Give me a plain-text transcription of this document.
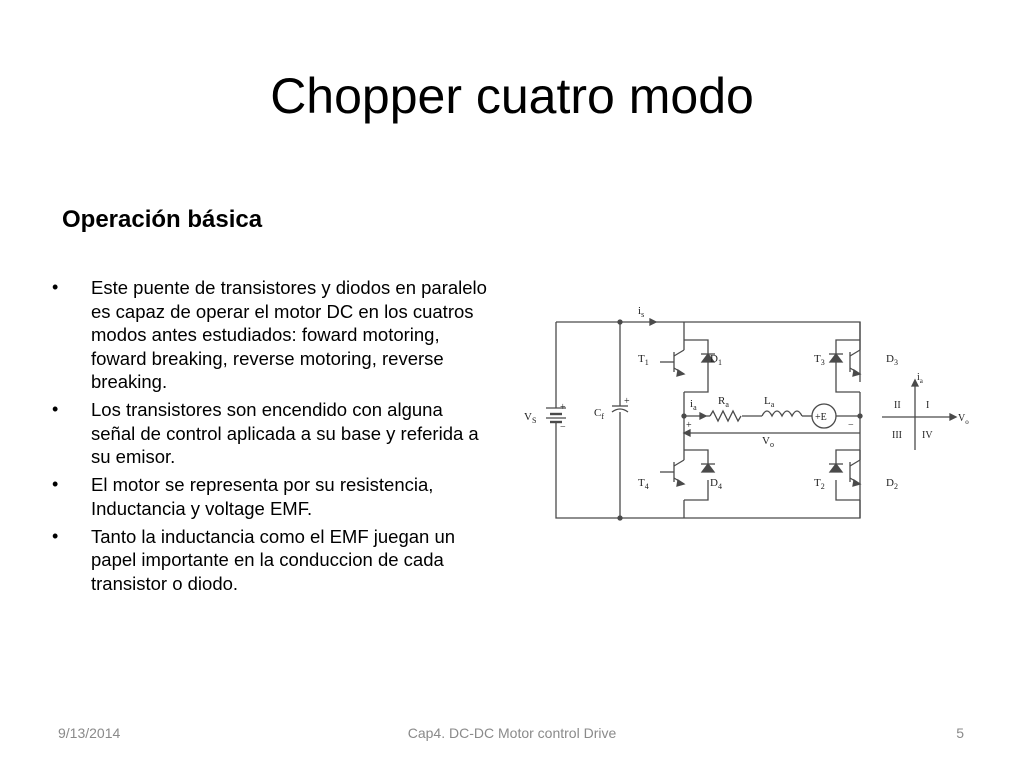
Chopper cuatro modo
Operación básica
• Este puente de transistores y diodos en paralelo es capaz de operar el motor DC en los cuatros modos antes estudiados: foward motoring, foward breaking, reverse motoring, reverse breaking.
• Los transistores son encendido con alguna señal de control aplicada a su base y referida a su emisor.
• El motor se representa por su resistencia, Inductancia y voltage EMF.
• Tanto la inductancia como el EMF juegan un papel importante en la conduccion de cada transistor o diodo.
$i_s$
$V_S$
+
−
$C_f$
+
$T_1$	$D_1$	$T_3$	$D_3$
$T_4$	$D_4$	$T_2$	$D_2$
$i_a$
$R_a$	$L_a$
+E
$V_o$
+	−
$i_a$
$V_o$
I
II
III IV
9/13/2014	Cap4. DC-DC Motor control Drive	5
